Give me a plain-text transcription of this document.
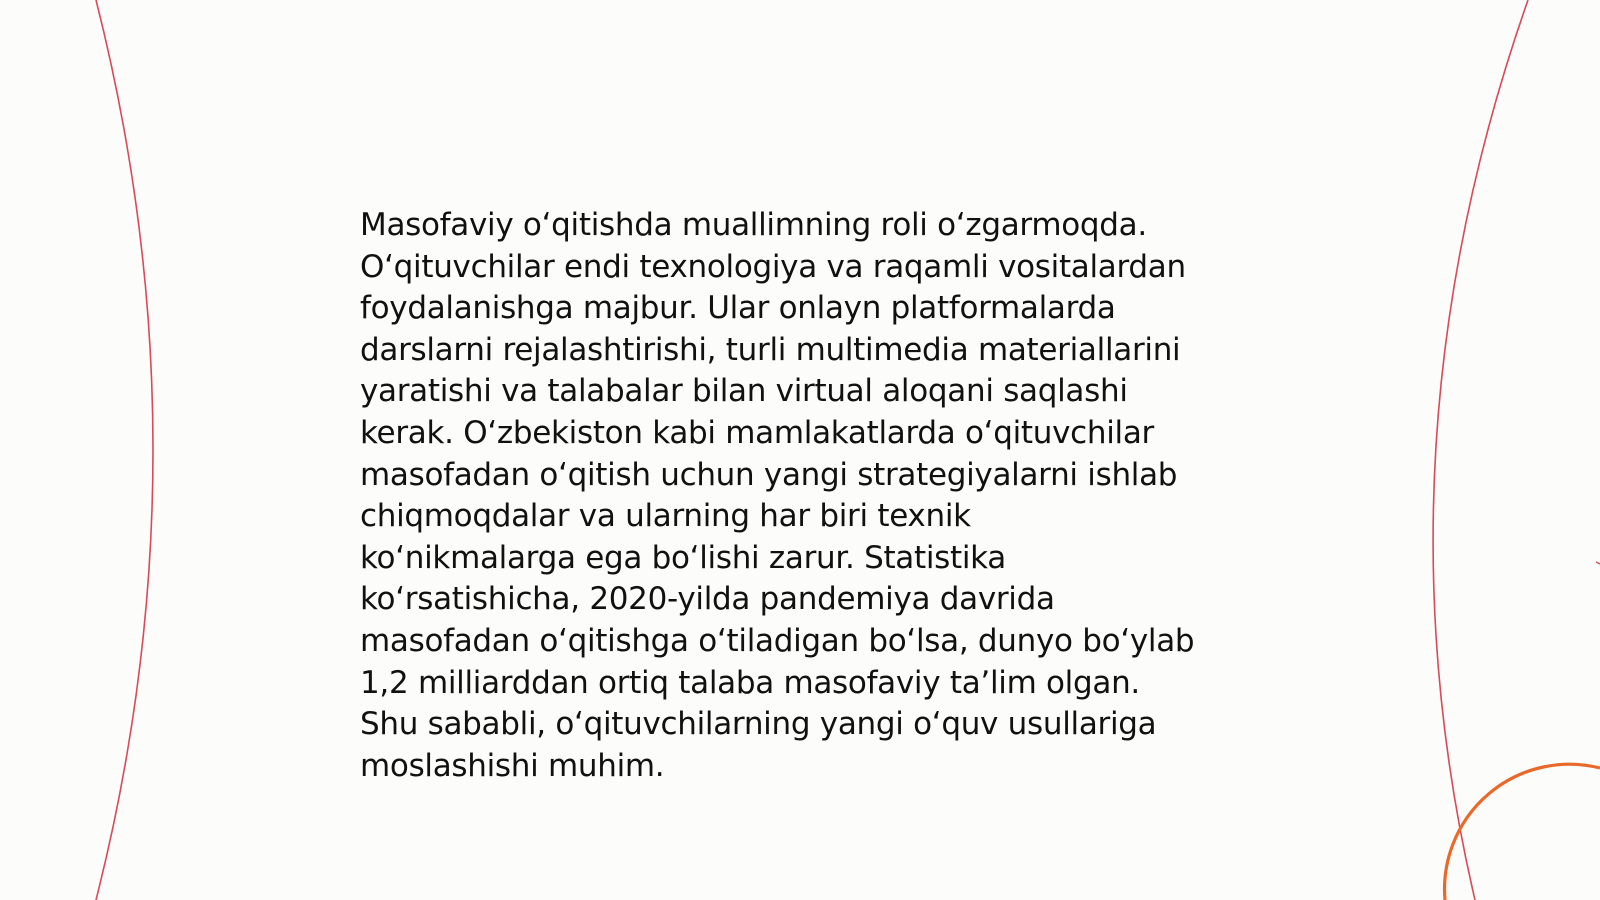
Masofaviy oʻqitishda muallimning roli oʻzgarmoqda.
Oʻqituvchilar endi texnologiya va raqamli vositalardan
foydalanishga majbur. Ular onlayn platformalarda
darslarni rejalashtirishi, turli multimedia materiallarini
yaratishi va talabalar bilan virtual aloqani saqlashi
kerak. Oʻzbekiston kabi mamlakatlarda oʻqituvchilar
masofadan oʻqitish uchun yangi strategiyalarni ishlab
chiqmoqdalar va ularning har biri texnik
koʻnikmalarga ega boʻlishi zarur. Statistika
koʻrsatishicha, 2020-yilda pandemiya davrida
masofadan oʻqitishga oʻtiladigan boʻlsa, dunyo boʻylab
1,2 milliarddan ortiq talaba masofaviy ta’lim olgan.
Shu sababli, oʻqituvchilarning yangi oʻquv usullariga
moslashishi muhim.
